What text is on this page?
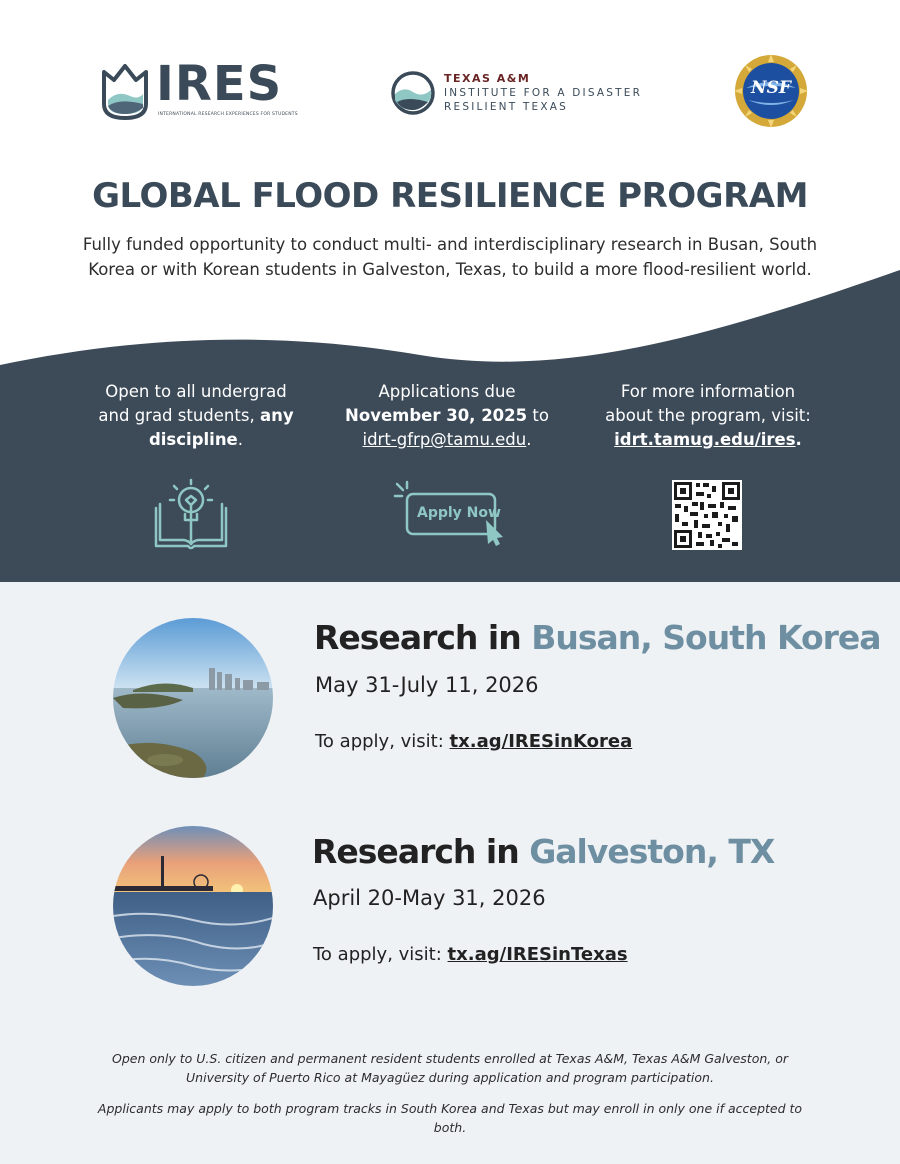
IRES
INTERNATIONAL RESEARCH EXPERIENCES FOR STUDENTS
TEXAS A&M
INSTITUTE FOR A DISASTER
RESILIENT TEXAS
NSF
GLOBAL FLOOD RESILIENCE PROGRAM
Fully funded opportunity to conduct multi- and interdisciplinary research in Busan, South Korea or with Korean students in Galveston, Texas, to build a more flood-resilient world.
Open to all undergrad
and grad students, any
discipline.
Applications due
November 30, 2025 to
idrt-gfrp@tamu.edu.
For more information
about the program, visit:
idrt.tamug.edu/ires.
Apply Now
Research in Busan, South Korea
May 31-July 11, 2026
To apply, visit: tx.ag/IRESinKorea
Research in Galveston, TX
April 20-May 31, 2026
To apply, visit: tx.ag/IRESinTexas
Open only to U.S. citizen and permanent resident students enrolled at Texas A&M, Texas A&M Galveston, or University of Puerto Rico at Mayagüez during application and program participation.
Applicants may apply to both program tracks in South Korea and Texas but may enroll in only one if accepted to both.
